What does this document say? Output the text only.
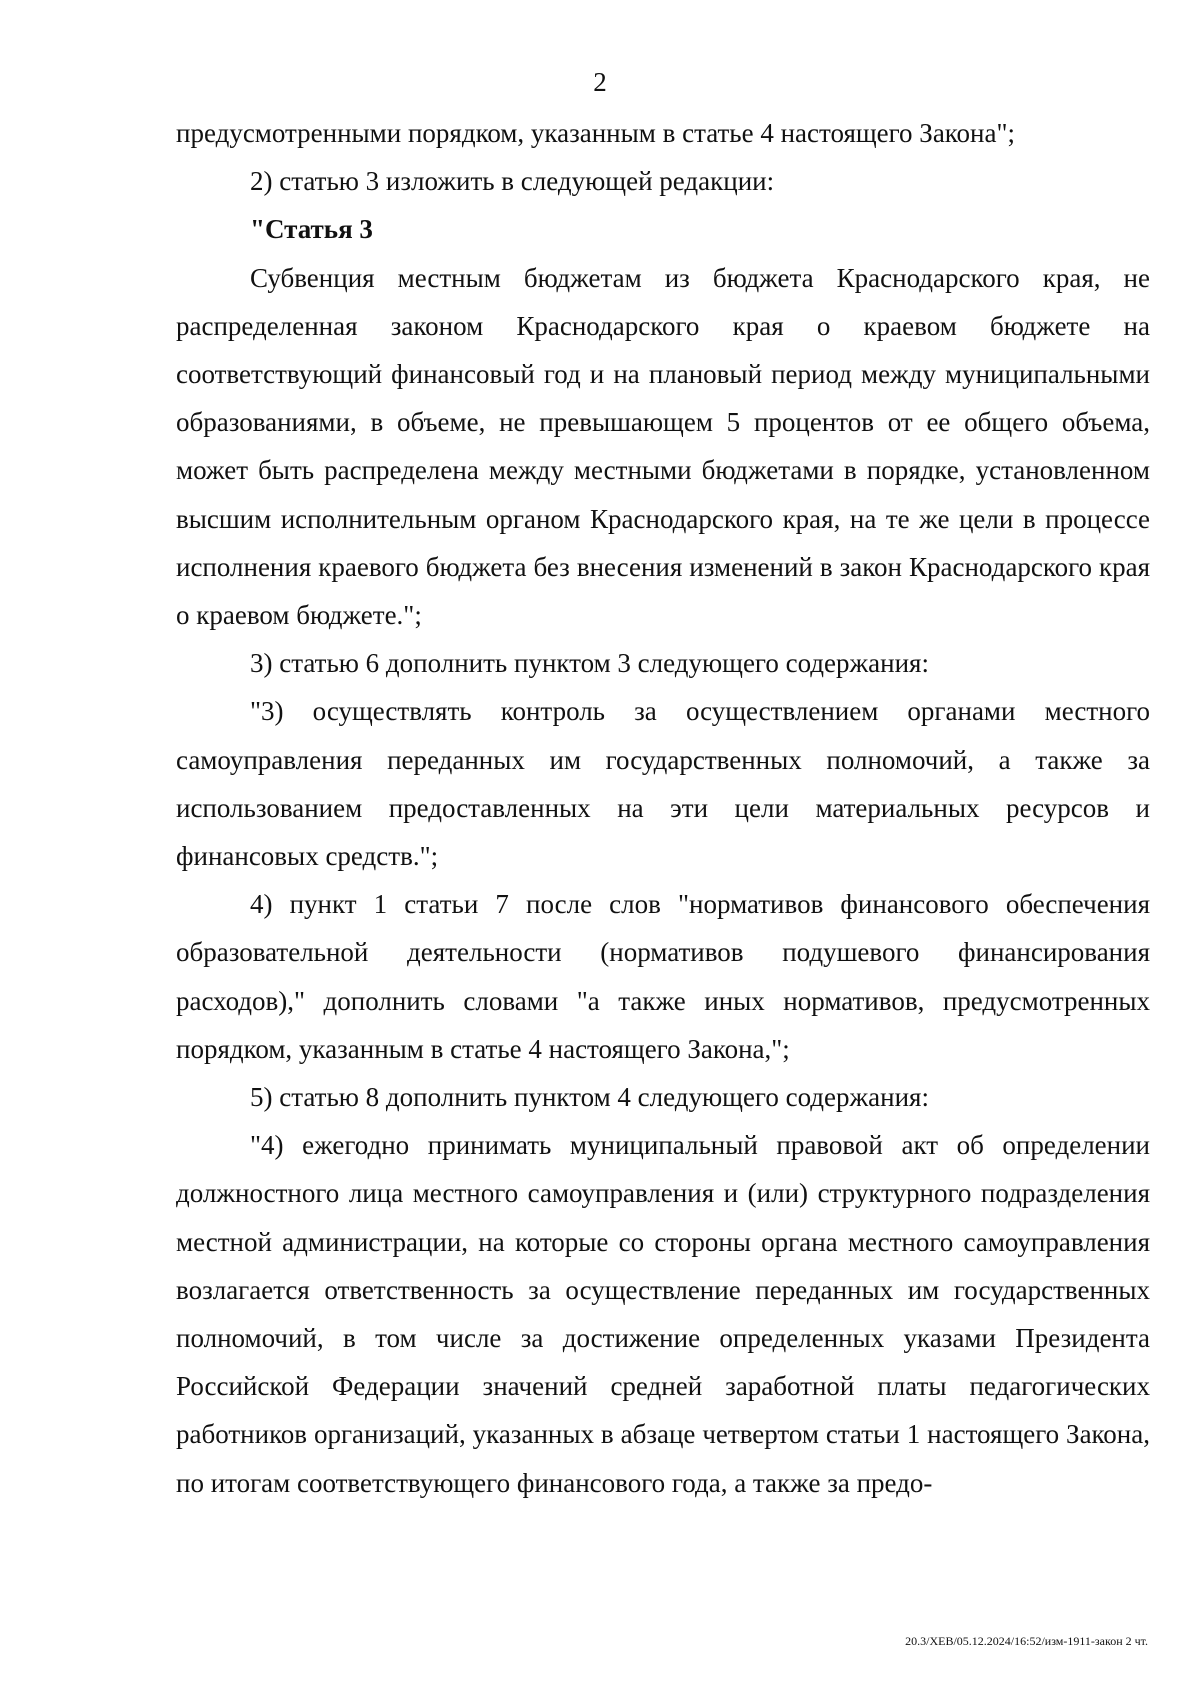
2

предусмотренными порядком, указанным в статье 4 настоящего Закона";

2) статью 3 изложить в следующей редакции:

"Статья 3

Субвенция местным бюджетам из бюджета Краснодарского края, не распределенная законом Краснодарского края о краевом бюджете на соответствующий финансовый год и на плановый период между муниципальными образованиями, в объеме, не превышающем 5 процентов от ее общего объема, может быть распределена между местными бюджетами в порядке, установленном высшим исполнительным органом Краснодарского края, на те же цели в процессе исполнения краевого бюджета без внесения изменений в закон Краснодарского края о краевом бюджете.";

3) статью 6 дополнить пунктом 3 следующего содержания:

"3) осуществлять контроль за осуществлением органами местного самоуправления переданных им государственных полномочий, а также за использованием предоставленных на эти цели материальных ресурсов и финансовых средств.";

4) пункт 1 статьи 7 после слов "нормативов финансового обеспечения образовательной деятельности (нормативов подушевого финансирования расходов)," дополнить словами "а также иных нормативов, предусмотренных порядком, указанным в статье 4 настоящего Закона,";

5) статью 8 дополнить пунктом 4 следующего содержания:

"4) ежегодно принимать муниципальный правовой акт об определении должностного лица местного самоуправления и (или) структурного подразделения местной администрации, на которые со стороны органа местного самоуправления возлагается ответственность за осуществление переданных им государственных полномочий, в том числе за достижение определенных указами Президента Российской Федерации значений средней заработной платы педагогических работников организаций, указанных в абзаце четвертом статьи 1 настоящего Закона, по итогам соответствующего финансового года, а также за предо-

20.3/ХЕВ/05.12.2024/16:52/изм-1911-закон 2 чт.
